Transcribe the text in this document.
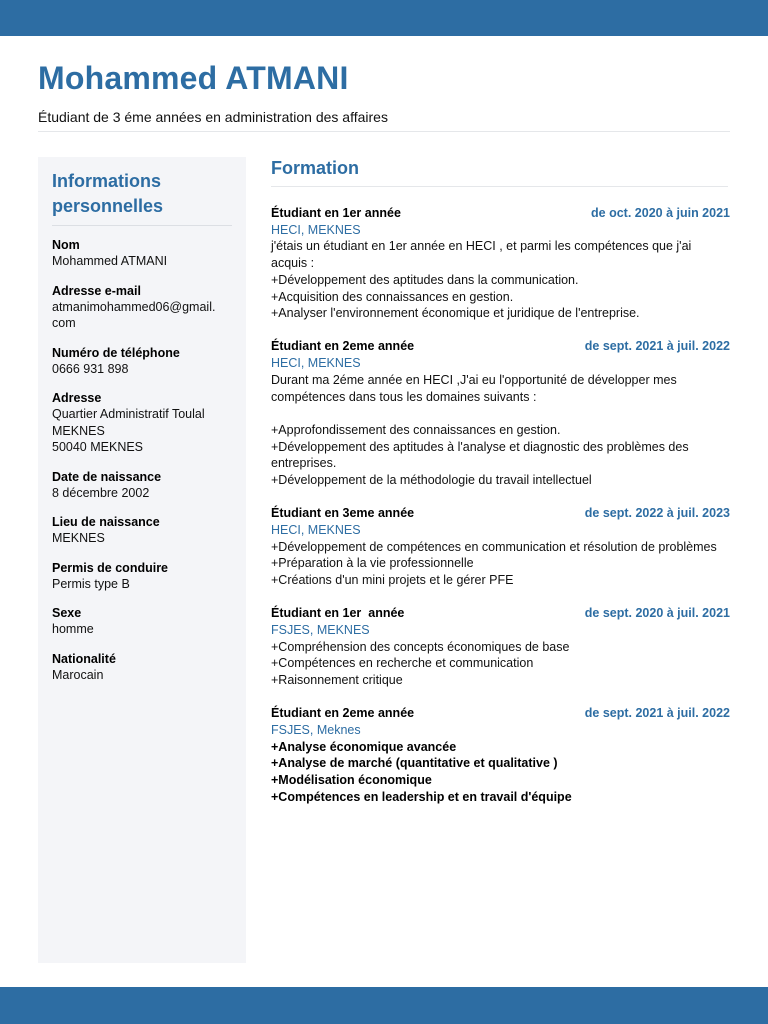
Mohammed ATMANI

Étudiant de 3 éme années en administration des affaires

Informations personnelles
Nom
Mohammed ATMANI
Adresse e-mail
atmanimohammed06@gmail.
com
Numéro de téléphone
0666 931 898
Adresse
Quartier Administratif Toulal
MEKNES
50040 MEKNES
Date de naissance
8 décembre 2002
Lieu de naissance
MEKNES
Permis de conduire
Permis type B
Sexe
homme
Nationalité
Marocain
Formation
Étudiant en 1er année	de oct. 2020 à juin 2021
HECI, MEKNES
j'étais un étudiant en 1er année en HECI , et parmi les compétences que j'ai acquis :
+Développement des aptitudes dans la communication.
+Acquisition des connaissances en gestion.
+Analyser l'environnement économique et juridique de l'entreprise.
Étudiant en 2eme année	de sept. 2021 à juil. 2022
HECI, MEKNES
Durant ma 2éme année en HECI ,J'ai eu l'opportunité de développer mes compétences dans tous les domaines suivants :
+Approfondissement des connaissances en gestion.
+Développement des aptitudes à l'analyse et diagnostic des problèmes des entreprises.
+Développement de la méthodologie du travail intellectuel
Étudiant en 3eme année	de sept. 2022 à juil. 2023
HECI, MEKNES
+Développement de compétences en communication et résolution de problèmes
+Préparation à la vie professionnelle
+Créations d'un mini projets et le gérer PFE
Étudiant en 1er  année	de sept. 2020 à juil. 2021
FSJES, MEKNES
+Compréhension des concepts économiques de base
+Compétences en recherche et communication
+Raisonnement critique
Étudiant en 2eme année	de sept. 2021 à juil. 2022
FSJES, Meknes
+Analyse économique avancée
+Analyse de marché (quantitative et qualitative )
+Modélisation économique
+Compétences en leadership et en travail d'équipe
